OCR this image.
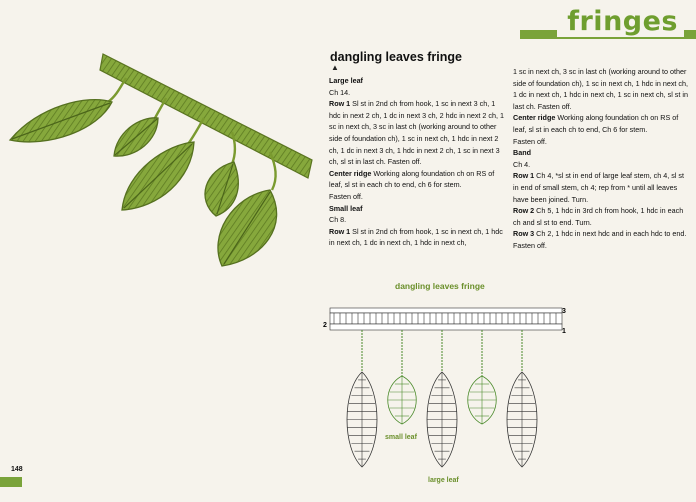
fringes
dangling leaves fringe
▲

Large leaf

Ch 14.

Row 1 Sl st in 2nd ch from hook, 1 sc in next 3 ch, 1 hdc in next 2 ch, 1 dc in next 3 ch, 2 hdc in next 2 ch, 1 sc in next ch, 3 sc in last ch (working around to other side of foundation ch), 1 sc in next ch, 1 hdc in next 2 ch, 1 dc in next 3 ch, 1 hdc in next 2 ch, 1 sc in next 3 ch, sl st in last ch. Fasten off.

Center ridge Working along foundation ch on RS of leaf, sl st in each ch to end, ch 6 for stem.

Fasten off.

Small leaf

Ch 8.

Row 1 Sl st in 2nd ch from hook, 1 sc in next ch, 1 hdc in next ch, 1 dc in next ch, 1 hdc in next ch,

1 sc in next ch, 3 sc in last ch (working around to other side of foundation ch), 1 sc in next ch, 1 hdc in next ch, 1 dc in next ch, 1 hdc in next ch, 1 sc in next ch, sl st in last ch. Fasten off.

Center ridge Working along foundation ch on RS of leaf, sl st in each ch to end, Ch 6 for stem.

Fasten off.

Band

Ch 4.

Row 1 Ch 4, *sl st in end of large leaf stem, ch 4, sl st in end of small stem, ch 4; rep from * until all leaves have been joined. Turn.

Row 2 Ch 5, 1 hdc in 3rd ch from hook, 1 hdc in each ch and sl st to end. Turn.

Row 3 Ch 2, 1 hdc in next hdc and in each hdc to end. Fasten off.

dangling leaves fringe
3
2
1
small leaf
large leaf
148
